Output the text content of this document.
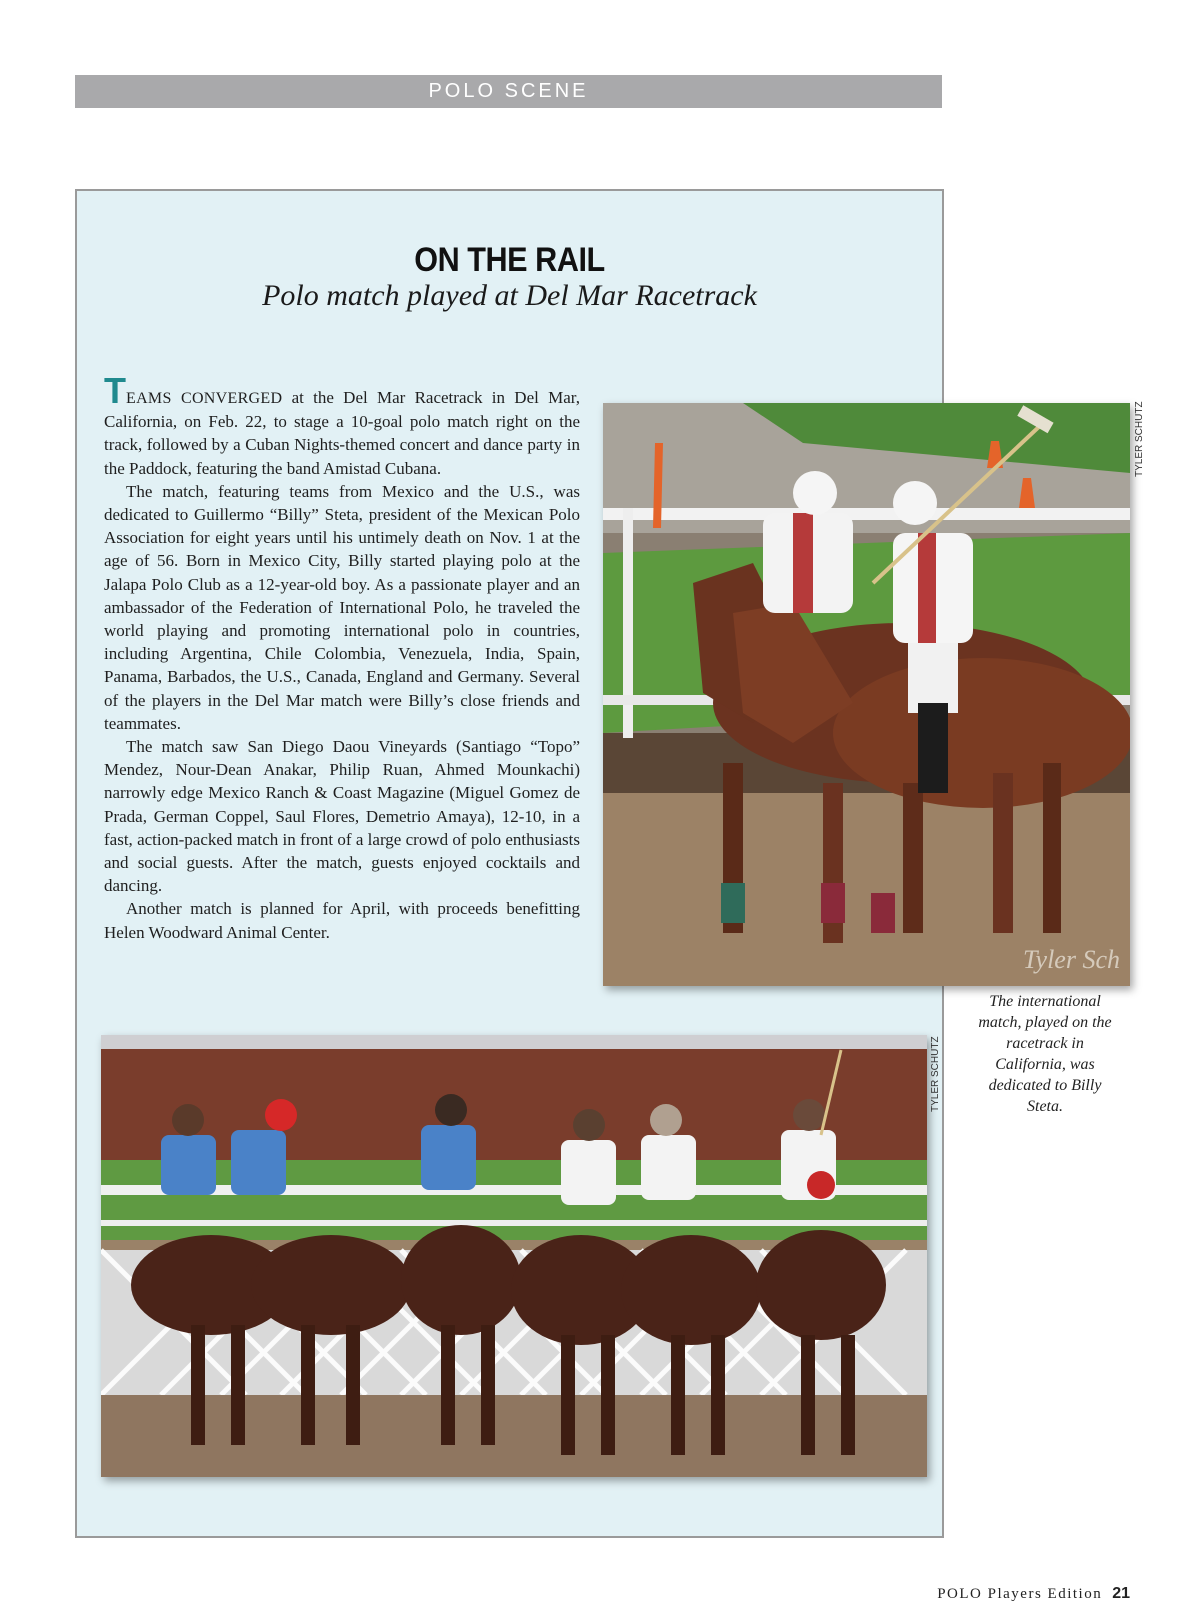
POLO SCENE
ON THE RAIL
Polo match played at Del Mar Racetrack

TEAMS CONVERGED at the Del Mar Racetrack in Del Mar, California, on Feb. 22, to stage a 10-goal polo match right on the track, followed by a Cuban Nights-themed concert and dance party in the Paddock, featuring the band Amistad Cubana.

The match, featuring teams from Mexico and the U.S., was dedicated to Guillermo “Billy” Steta, president of the Mexican Polo Association for eight years until his untimely death on Nov. 1 at the age of 56. Born in Mexico City, Billy started playing polo at the Jalapa Polo Club as a 12-year-old boy. As a passionate player and an ambassador of the Federation of International Polo, he traveled the world playing and promoting international polo in countries, including Argentina, Chile Colombia, Venezuela, India, Spain, Panama, Barbados, the U.S., Canada, England and Germany. Several of the players in the Del Mar match were Billy’s close friends and teammates.

The match saw San Diego Daou Vineyards (Santiago “Topo” Mendez, Nour-Dean Anakar, Philip Ruan, Ahmed Mounkachi) narrowly edge Mexico Ranch & Coast Magazine (Miguel Gomez de Prada, German Coppel, Saul Flores, Demetrio Amaya), 12-10, in a fast, action-packed match in front of a large crowd of polo enthusiasts and social guests. After the match, guests enjoyed cocktails and dancing.

Another match is planned for April, with proceeds benefitting Helen Woodward Animal Center.

Tyler Sch
TYLER SCHUTZ
The international match, played on the racetrack in California, was dedicated to Billy Steta.
TYLER SCHUTZ
POLO Players Edition 21
